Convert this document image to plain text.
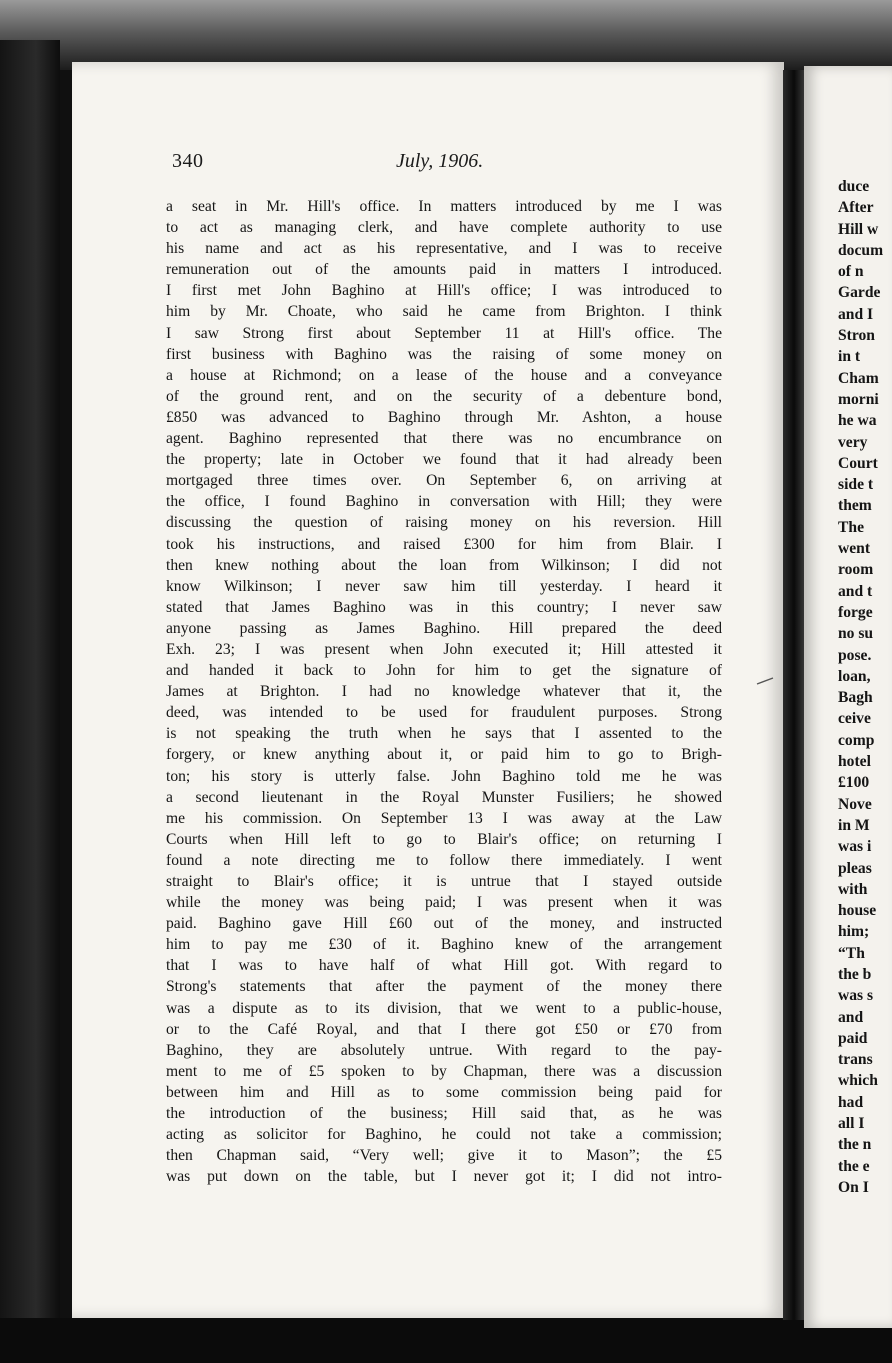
duce
After
Hill w
docum
of n
Garde
and I
Stron
in t
Cham
morni
he wa
very
Court
side t
them
The
went
room
and t
forge
no su
pose.
loan,
Bagh
ceive
comp
hotel
£100
Nove
in M
was i
pleas
with
house
him;
“Th
the b
was s
and
paid
trans
which
had
all I
the n
the e
On I
340	July, 1906.
a seat in Mr. Hill's office. In matters introduced by me I was
to act as managing clerk, and have complete authority to use
his name and act as his representative, and I was to receive
remuneration out of the amounts paid in matters I introduced.
I first met John Baghino at Hill's office; I was introduced to
him by Mr. Choate, who said he came from Brighton. I think
I saw Strong first about September 11 at Hill's office. The
first business with Baghino was the raising of some money on
a house at Richmond; on a lease of the house and a conveyance
of the ground rent, and on the security of a debenture bond,
£850 was advanced to Baghino through Mr. Ashton, a house
agent. Baghino represented that there was no encumbrance on
the property; late in October we found that it had already been
mortgaged three times over. On September 6, on arriving at
the office, I found Baghino in conversation with Hill; they were
discussing the question of raising money on his reversion. Hill
took his instructions, and raised £300 for him from Blair. I
then knew nothing about the loan from Wilkinson; I did not
know Wilkinson; I never saw him till yesterday. I heard it
stated that James Baghino was in this country; I never saw
anyone passing as James Baghino. Hill prepared the deed
Exh. 23; I was present when John executed it; Hill attested it
and handed it back to John for him to get the signature of
James at Brighton. I had no knowledge whatever that it, the
deed, was intended to be used for fraudulent purposes. Strong
is not speaking the truth when he says that I assented to the
forgery, or knew anything about it, or paid him to go to Brigh-
ton; his story is utterly false. John Baghino told me he was
a second lieutenant in the Royal Munster Fusiliers; he showed
me his commission. On September 13 I was away at the Law
Courts when Hill left to go to Blair's office; on returning I
found a note directing me to follow there immediately. I went
straight to Blair's office; it is untrue that I stayed outside
while the money was being paid; I was present when it was
paid. Baghino gave Hill £60 out of the money, and instructed
him to pay me £30 of it. Baghino knew of the arrangement
that I was to have half of what Hill got. With regard to
Strong's statements that after the payment of the money there
was a dispute as to its division, that we went to a public-house,
or to the Café Royal, and that I there got £50 or £70 from
Baghino, they are absolutely untrue. With regard to the pay-
ment to me of £5 spoken to by Chapman, there was a discussion
between him and Hill as to some commission being paid for
the introduction of the business; Hill said that, as he was
acting as solicitor for Baghino, he could not take a commission;
then Chapman said, “Very well; give it to Mason”; the £5
was put down on the table, but I never got it; I did not intro-
